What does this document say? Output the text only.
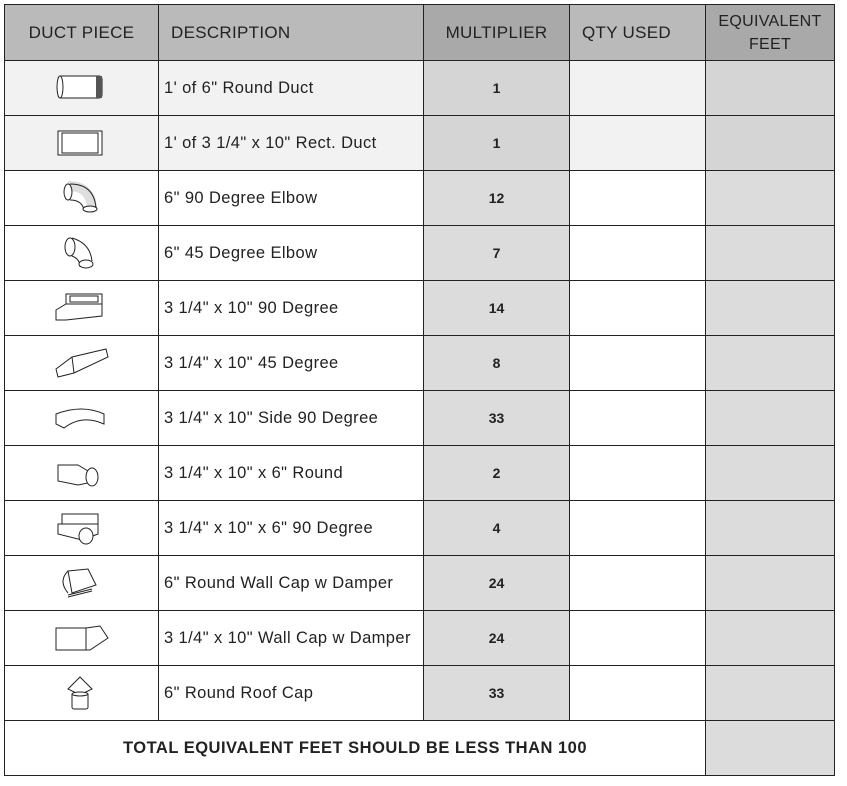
DUCT PIECE	DESCRIPTION	MULTIPLIER	QTY USED	EQUIVALENT
FEET
	1' of 6" Round Duct	1		
	1' of 3 1/4" x 10" Rect. Duct	1		
	6" 90 Degree Elbow	12		
	6" 45 Degree Elbow	7		
	3 1/4" x 10" 90 Degree	14		
	3 1/4" x 10" 45 Degree	8		
	3 1/4" x 10" Side 90 Degree	33		
	3 1/4" x 10" x 6" Round	2		
	3 1/4" x 10" x 6" 90 Degree	4		
	6" Round Wall Cap w Damper	24		
	3 1/4" x 10" Wall Cap w Damper	24		
	6" Round Roof Cap	33		
TOTAL EQUIVALENT FEET SHOULD BE LESS THAN 100				
